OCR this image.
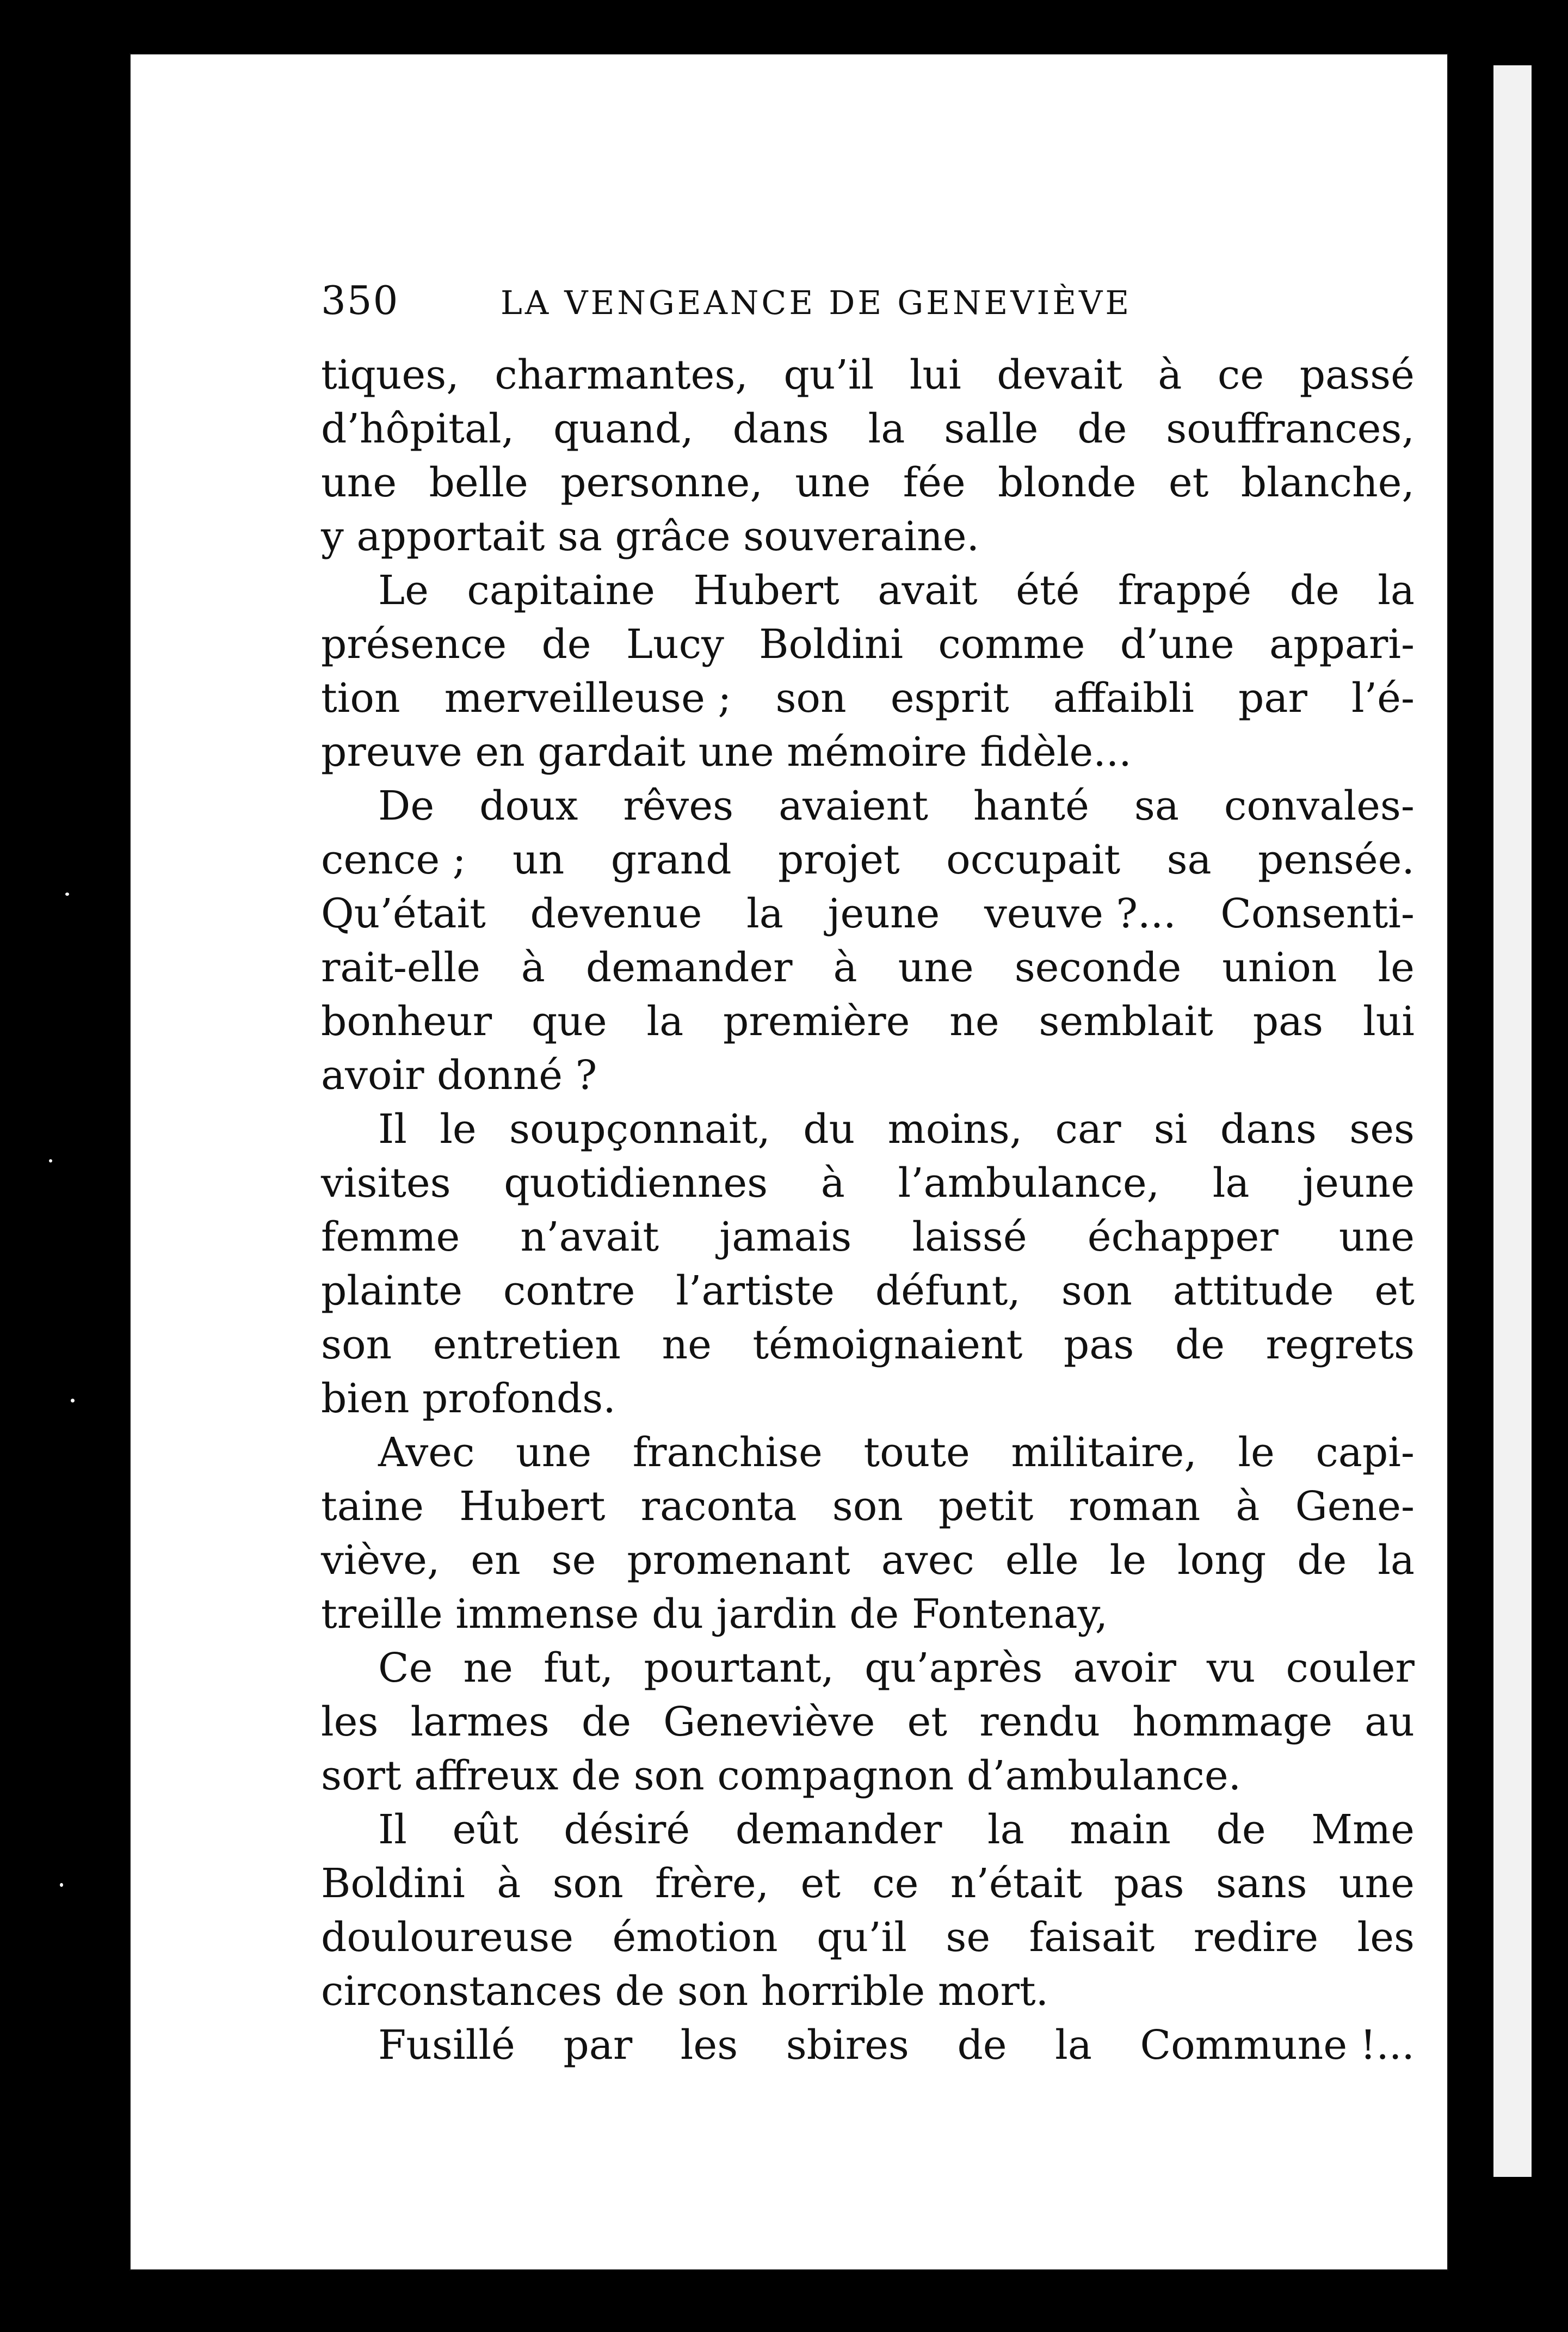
350	LA VENGEANCE DE GENEVIÈVE
tiques, charmantes, qu’il lui devait à ce passé
d’hôpital, quand, dans la salle de souffrances,
une belle personne, une fée blonde et blanche,
y apportait sa grâce souveraine.
Le capitaine Hubert avait été frappé de la
présence de Lucy Boldini comme d’une appari-
tion merveilleuse ; son esprit affaibli par l’é-
preuve en gardait une mémoire fidèle...
De doux rêves avaient hanté sa convales-
cence ; un grand projet occupait sa pensée.
Qu’était devenue la jeune veuve ?... Consenti-
rait-elle à demander à une seconde union le
bonheur que la première ne semblait pas lui
avoir donné ?
Il le soupçonnait, du moins, car si dans ses
visites quotidiennes à l’ambulance, la jeune
femme n’avait jamais laissé échapper une
plainte contre l’artiste défunt, son attitude et
son entretien ne témoignaient pas de regrets
bien profonds.
Avec une franchise toute militaire, le capi-
taine Hubert raconta son petit roman à Gene-
viève, en se promenant avec elle le long de la
treille immense du jardin de Fontenay,
Ce ne fut, pourtant, qu’après avoir vu couler
les larmes de Geneviève et rendu hommage au
sort affreux de son compagnon d’ambulance.
Il eût désiré demander la main de Mme
Boldini à son frère, et ce n’était pas sans une
douloureuse émotion qu’il se faisait redire les
circonstances de son horrible mort.
Fusillé par les sbires de la Commune !...
